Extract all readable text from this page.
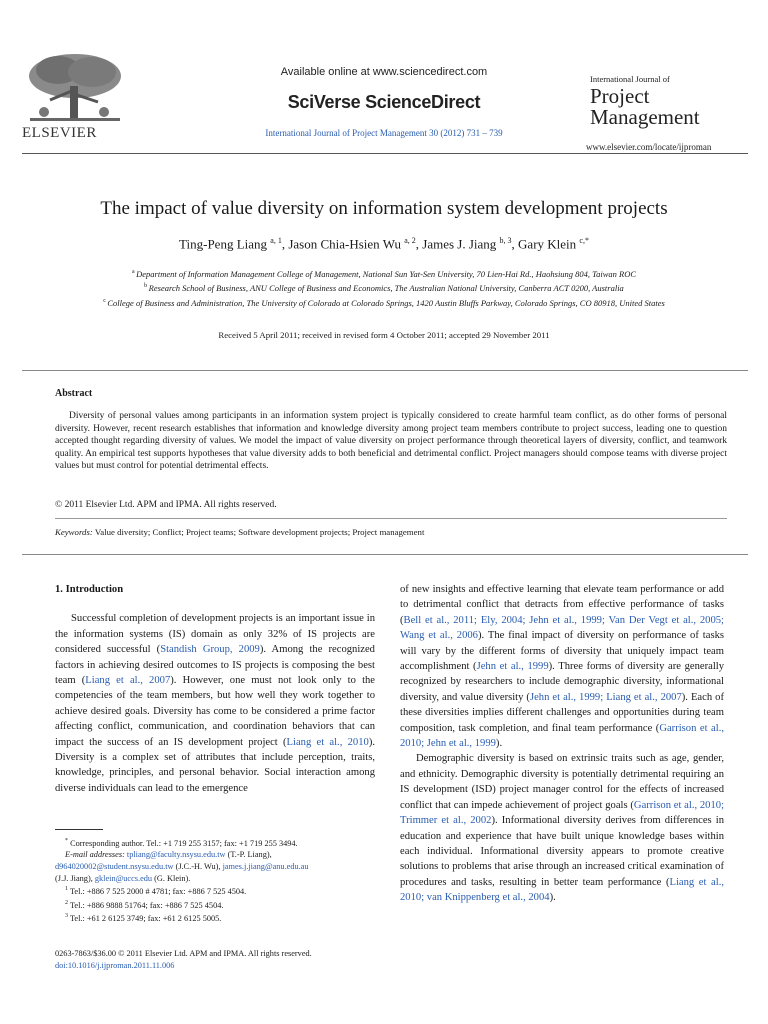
ELSEVIER
Available online at www.sciencedirect.com
SciVerse ScienceDirect
International Journal of Project Management 30 (2012) 731 – 739
International Journal of
Project
Management
www.elsevier.com/locate/ijproman
The impact of value diversity on information system development projects
Ting-Peng Liang $^{a, 1}$, Jason Chia-Hsien Wu $^{a, 2}$, James J. Jiang $^{b, 3}$, Gary Klein $^{c,*}$
$^a$ Department of Information Management College of Management, National Sun Yat-Sen University, 70 Lien-Hai Rd., Haohsiung 804, Taiwan ROC
$^b$ Research School of Business, ANU College of Business and Economics, The Australian National University, Canberra ACT 0200, Australia
$^c$ College of Business and Administration, The University of Colorado at Colorado Springs, 1420 Austin Bluffs Parkway, Colorado Springs, CO 80918, United States
Received 5 April 2011; received in revised form 4 October 2011; accepted 29 November 2011
Abstract
Diversity of personal values among participants in an information system project is typically considered to create harmful team conflict, as do other forms of personal diversity. However, recent research establishes that information and knowledge diversity among project team members contribute to project success, leading one to question accepted thought regarding diversity of values. We model the impact of value diversity on project performance through theoretical layers of diversity, conflict, and teamwork quality. An empirical test supports hypotheses that value diversity adds to both beneficial and detrimental conflict. Project managers should compose teams with diverse project values but must control for potential detrimental effects.
© 2011 Elsevier Ltd. APM and IPMA. All rights reserved.
Keywords: Value diversity; Conflict; Project teams; Software development projects; Project management
1. Introduction
Successful completion of development projects is an important issue in the information systems (IS) domain as only 32% of IS projects are considered successful (Standish Group, 2009). Among the recognized factors in achieving desired outcomes to IS projects is composing the best team (Liang et al., 2007). However, one must not look only to the competencies of the team members, but how well they work together to achieve desired goals. Diversity has come to be considered a prime factor affecting conflict, communication, and coordination behaviors that can impact the success of an IS development project (Liang et al., 2010). Diversity is a complex set of attributes that include perception, traits, knowledge, principles, and personal behavior. Social interaction among diverse individuals can lead to the emergence
* Corresponding author. Tel.: +1 719 255 3157; fax: +1 719 255 3494.
E-mail addresses: tpliang@faculty.nsysu.edu.tw (T.-P. Liang),
d964020002@student.nsysu.edu.tw (J.C.-H. Wu), james.j.jiang@anu.edu.au
(J.J. Jiang), gklein@uccs.edu (G. Klein).
$^1$ Tel.: +886 7 525 2000 # 4781; fax: +886 7 525 4504.
$^2$ Tel.: +886 9888 51764; fax: +886 7 525 4504.
$^3$ Tel.: +61 2 6125 3749; fax: +61 2 6125 5005.
0263-7863/$36.00 © 2011 Elsevier Ltd. APM and IPMA. All rights reserved.
doi:10.1016/j.ijproman.2011.11.006
of new insights and effective learning that elevate team performance or add to detrimental conflict that detracts from effective performance of tasks (Bell et al., 2011; Ely, 2004; Jehn et al., 1999; Van Der Vegt et al., 2005; Wang et al., 2006). The final impact of diversity on performance of tasks will vary by the different forms of diversity that uniquely impact team accomplishment (Jehn et al., 1999). Three forms of diversity are generally recognized by researchers to include demographic diversity, informational diversity, and value diversity (Jehn et al., 1999; Liang et al., 2007). Each of these diversities implies different challenges and opportunities during team composition, task completion, and final team performance (Garrison et al., 2010; Jehn et al., 1999).
Demographic diversity is based on extrinsic traits such as age, gender, and ethnicity. Demographic diversity is potentially detrimental requiring an IS development (ISD) project manager control for the effects of increased conflict that can impede achievement of project goals (Garrison et al., 2010; Trimmer et al., 2002). Informational diversity derives from differences in education and experience that have built unique knowledge bases within each individual. Informational diversity appears to promote creative solutions to problems that arise through an increased critical examination of procedures and tasks, resulting in better team performance (Liang et al., 2010; van Knippenberg et al., 2004).
